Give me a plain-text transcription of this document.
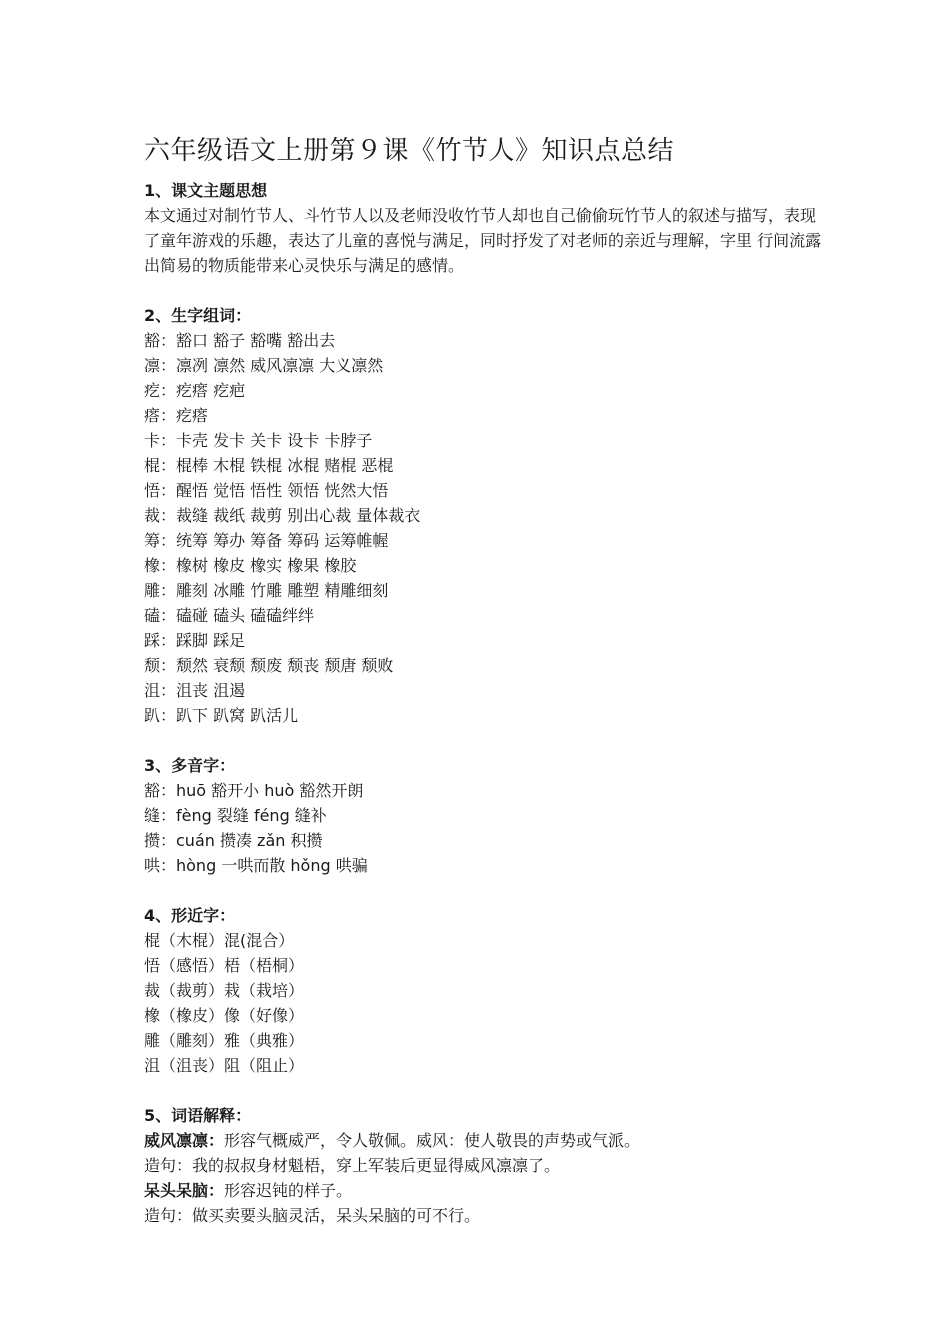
六年级语文上册第９课《竹节人》知识点总结

1、课文主题思想

本文通过对制竹节人、斗竹节人以及老师没收竹节人却也自己偷偷玩竹节人的叙述与描写，表现了童年游戏的乐趣，表达了儿童的喜悦与满足，同时抒发了对老师的亲近与理解，字里 行间流露出简易的物质能带来心灵快乐与满足的感情。

2、生字组词：

豁：豁口 豁子 豁嘴 豁出去

凛：凛冽 凛然 威风凛凛 大义凛然

疙：疙瘩 疙疤

瘩：疙瘩

卡：卡壳 发卡 关卡 设卡 卡脖子

棍：棍棒 木棍 铁棍 冰棍 赌棍 恶棍

悟：醒悟 觉悟 悟性 领悟 恍然大悟

裁：裁缝 裁纸 裁剪 别出心裁 量体裁衣

筹：统筹 筹办 筹备 筹码 运筹帷幄

橡：橡树 橡皮 橡实 橡果 橡胶

雕：雕刻 冰雕 竹雕 雕塑 精雕细刻

磕：磕碰 磕头 磕磕绊绊

踩：踩脚 踩足

颓：颓然 衰颓 颓废 颓丧 颓唐 颓败

沮：沮丧 沮遏

趴：趴下 趴窝 趴活儿

3、多音字：

豁：huō 豁开小 huò 豁然开朗

缝：fèng 裂缝 féng 缝补

攒：cuán 攒凑 zǎn 积攒

哄：hòng 一哄而散 hǒng 哄骗

4、形近字：

棍（木棍）混(混合）

悟（感悟）梧（梧桐）

裁（裁剪）栽（栽培）

橡（橡皮）像（好像）

雕（雕刻）雅（典雅）

沮（沮丧）阻（阻止）

5、词语解释：

威风凛凛：形容气概威严，令人敬佩。威风：使人敬畏的声势或气派。

造句：我的叔叔身材魁梧，穿上军装后更显得威风凛凛了。

呆头呆脑：形容迟钝的样子。

造句：做买卖要头脑灵活，呆头呆脑的可不行。
